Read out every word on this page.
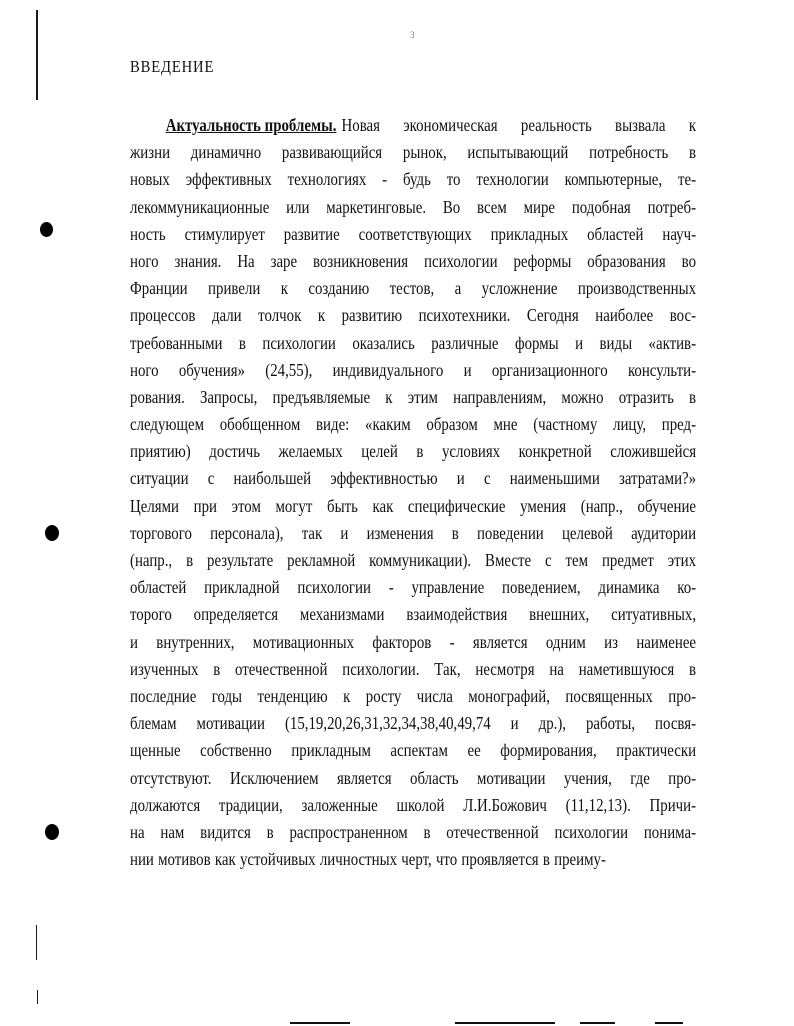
3
ВВЕДЕНИЕ
Актуальность проблемы. Новая экономическая реальность вызвала к
жизни динамично развивающийся рынок, испытывающий потребность в
новых эффективных технологиях - будь то технологии компьютерные, те-
лекоммуникационные или маркетинговые. Во всем мире подобная потреб-
ность стимулирует развитие соответствующих прикладных областей науч-
ного знания. На заре возникновения психологии реформы образования во
Франции привели к созданию тестов, а усложнение производственных
процессов дали толчок к развитию психотехники. Сегодня наиболее вос-
требованными в психологии оказались различные формы и виды «актив-
ного обучения» (24,55), индивидуального и организационного консульти-
рования. Запросы, предъявляемые к этим направлениям, можно отразить в
следующем обобщенном виде: «каким образом мне (частному лицу, пред-
приятию) достичь желаемых целей в условиях конкретной сложившейся
ситуации с наибольшей эффективностью и с наименьшими затратами?»
Целями при этом могут быть как специфические умения (напр., обучение
торгового персонала), так и изменения в поведении целевой аудитории
(напр., в результате рекламной коммуникации). Вместе с тем предмет этих
областей прикладной психологии - управление поведением, динамика ко-
торого определяется механизмами взаимодействия внешних, ситуативных,
и внутренних, мотивационных факторов - является одним из наименее
изученных в отечественной психологии. Так, несмотря на наметившуюся в
последние годы тенденцию к росту числа монографий, посвященных про-
блемам мотивации (15,19,20,26,31,32,34,38,40,49,74 и др.), работы, посвя-
щенные собственно прикладным аспектам ее формирования, практически
отсутствуют. Исключением является область мотивации учения, где про-
должаются традиции, заложенные школой Л.И.Божович (11,12,13). Причи-
на нам видится в распространенном в отечественной психологии понима-
нии мотивов как устойчивых личностных черт, что проявляется в преиму-
